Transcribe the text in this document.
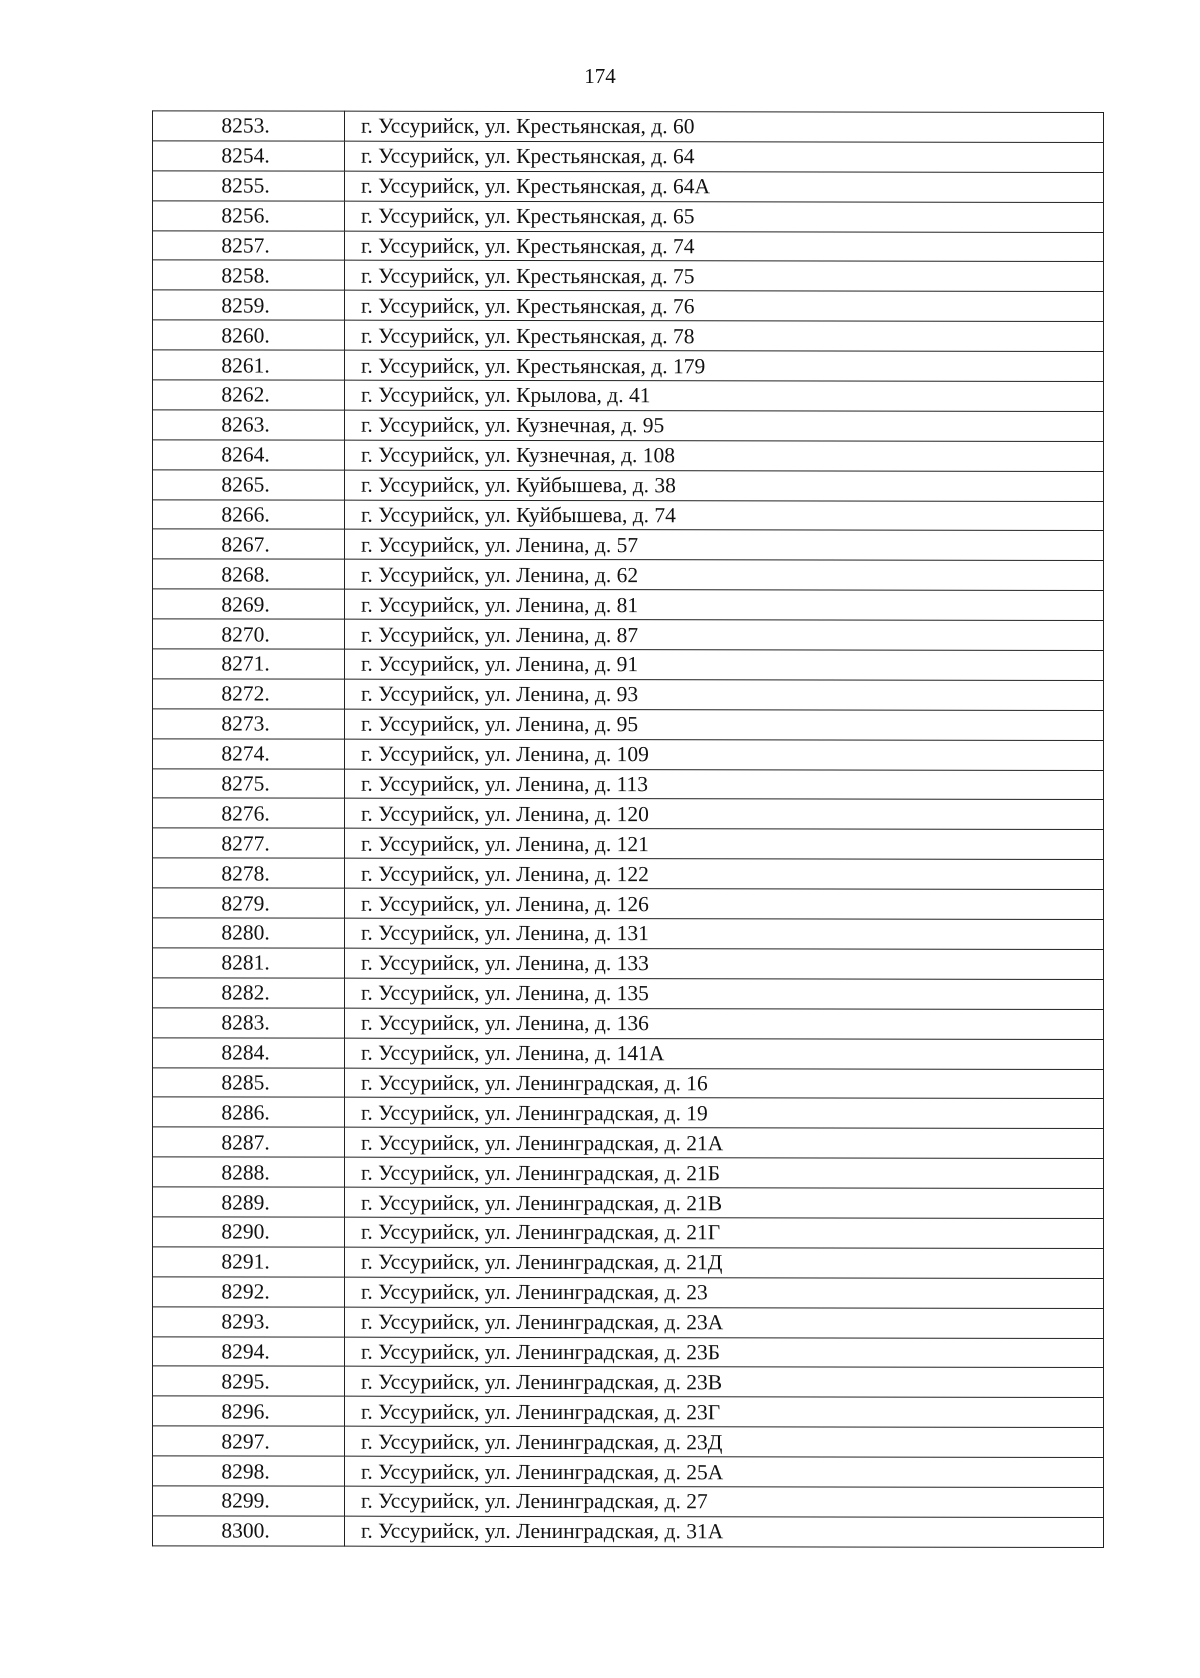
174
8253.	г. Уссурийск, ул. Крестьянская, д. 60
8254.	г. Уссурийск, ул. Крестьянская, д. 64
8255.	г. Уссурийск, ул. Крестьянская, д. 64А
8256.	г. Уссурийск, ул. Крестьянская, д. 65
8257.	г. Уссурийск, ул. Крестьянская, д. 74
8258.	г. Уссурийск, ул. Крестьянская, д. 75
8259.	г. Уссурийск, ул. Крестьянская, д. 76
8260.	г. Уссурийск, ул. Крестьянская, д. 78
8261.	г. Уссурийск, ул. Крестьянская, д. 179
8262.	г. Уссурийск, ул. Крылова, д. 41
8263.	г. Уссурийск, ул. Кузнечная, д. 95
8264.	г. Уссурийск, ул. Кузнечная, д. 108
8265.	г. Уссурийск, ул. Куйбышева, д. 38
8266.	г. Уссурийск, ул. Куйбышева, д. 74
8267.	г. Уссурийск, ул. Ленина, д. 57
8268.	г. Уссурийск, ул. Ленина, д. 62
8269.	г. Уссурийск, ул. Ленина, д. 81
8270.	г. Уссурийск, ул. Ленина, д. 87
8271.	г. Уссурийск, ул. Ленина, д. 91
8272.	г. Уссурийск, ул. Ленина, д. 93
8273.	г. Уссурийск, ул. Ленина, д. 95
8274.	г. Уссурийск, ул. Ленина, д. 109
8275.	г. Уссурийск, ул. Ленина, д. 113
8276.	г. Уссурийск, ул. Ленина, д. 120
8277.	г. Уссурийск, ул. Ленина, д. 121
8278.	г. Уссурийск, ул. Ленина, д. 122
8279.	г. Уссурийск, ул. Ленина, д. 126
8280.	г. Уссурийск, ул. Ленина, д. 131
8281.	г. Уссурийск, ул. Ленина, д. 133
8282.	г. Уссурийск, ул. Ленина, д. 135
8283.	г. Уссурийск, ул. Ленина, д. 136
8284.	г. Уссурийск, ул. Ленина, д. 141А
8285.	г. Уссурийск, ул. Ленинградская, д. 16
8286.	г. Уссурийск, ул. Ленинградская, д. 19
8287.	г. Уссурийск, ул. Ленинградская, д. 21А
8288.	г. Уссурийск, ул. Ленинградская, д. 21Б
8289.	г. Уссурийск, ул. Ленинградская, д. 21В
8290.	г. Уссурийск, ул. Ленинградская, д. 21Г
8291.	г. Уссурийск, ул. Ленинградская, д. 21Д
8292.	г. Уссурийск, ул. Ленинградская, д. 23
8293.	г. Уссурийск, ул. Ленинградская, д. 23А
8294.	г. Уссурийск, ул. Ленинградская, д. 23Б
8295.	г. Уссурийск, ул. Ленинградская, д. 23В
8296.	г. Уссурийск, ул. Ленинградская, д. 23Г
8297.	г. Уссурийск, ул. Ленинградская, д. 23Д
8298.	г. Уссурийск, ул. Ленинградская, д. 25А
8299.	г. Уссурийск, ул. Ленинградская, д. 27
8300.	г. Уссурийск, ул. Ленинградская, д. 31А
